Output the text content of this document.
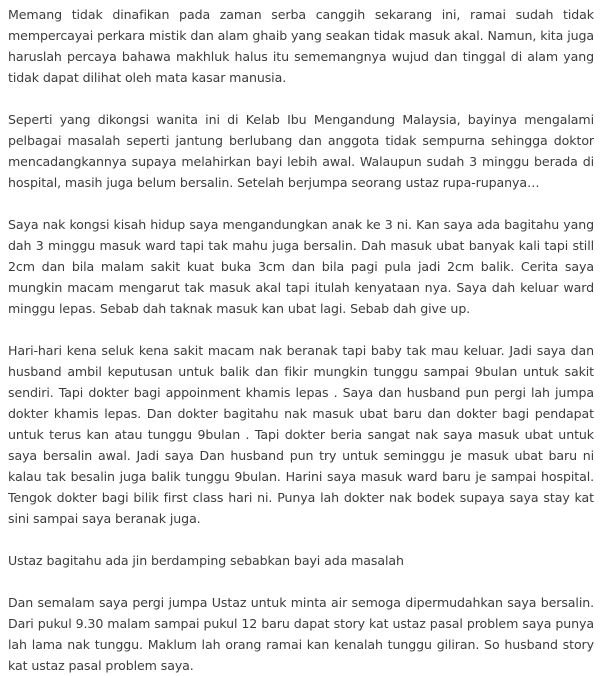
Memang tidak dinafikan pada zaman serba canggih sekarang ini, ramai sudah tidak mempercayai perkara mistik dan alam ghaib yang seakan tidak masuk akal. Namun, kita juga haruslah percaya bahawa makhluk halus itu sememangnya wujud dan tinggal di alam yang tidak dapat dilihat oleh mata kasar manusia.

Seperti yang dikongsi wanita ini di Kelab Ibu Mengandung Malaysia, bayinya mengalami pelbagai masalah seperti jantung berlubang dan anggota tidak sempurna sehingga doktor mencadangkannya supaya melahirkan bayi lebih awal. Walaupun sudah 3 minggu berada di hospital, masih juga belum bersalin. Setelah berjumpa seorang ustaz rupa-rupanya…

Saya nak kongsi kisah hidup saya mengandungkan anak ke 3 ni. Kan saya ada bagitahu yang dah 3 minggu masuk ward tapi tak mahu juga bersalin. Dah masuk ubat banyak kali tapi still 2cm dan bila malam sakit kuat buka 3cm dan bila pagi pula jadi 2cm balik. Cerita saya mungkin macam mengarut tak masuk akal tapi itulah kenyataan nya. Saya dah keluar ward minggu lepas. Sebab dah taknak masuk kan ubat lagi. Sebab dah give up.

Hari-hari kena seluk kena sakit macam nak beranak tapi baby tak mau keluar. Jadi saya dan husband ambil keputusan untuk balik dan fikir mungkin tunggu sampai 9bulan untuk sakit sendiri. Tapi dokter bagi appoinment khamis lepas . Saya dan husband pun pergi lah jumpa dokter khamis lepas. Dan dokter bagitahu nak masuk ubat baru dan dokter bagi pendapat untuk terus kan atau tunggu 9bulan . Tapi dokter beria sangat nak saya masuk ubat untuk saya bersalin awal. Jadi saya Dan husband pun try untuk seminggu je masuk ubat baru ni kalau tak besalin juga balik tunggu 9bulan. Harini saya masuk ward baru je sampai hospital. Tengok dokter bagi bilik first class hari ni. Punya lah dokter nak bodek supaya saya stay kat sini sampai saya beranak juga.

Ustaz bagitahu ada jin berdamping sebabkan bayi ada masalah

Dan semalam saya pergi jumpa Ustaz untuk minta air semoga dipermudahkan saya bersalin. Dari pukul 9.30 malam sampai pukul 12 baru dapat story kat ustaz pasal problem saya punya lah lama nak tunggu. Maklum lah orang ramai kan kenalah tunggu giliran. So husband story kat ustaz pasal problem saya.
